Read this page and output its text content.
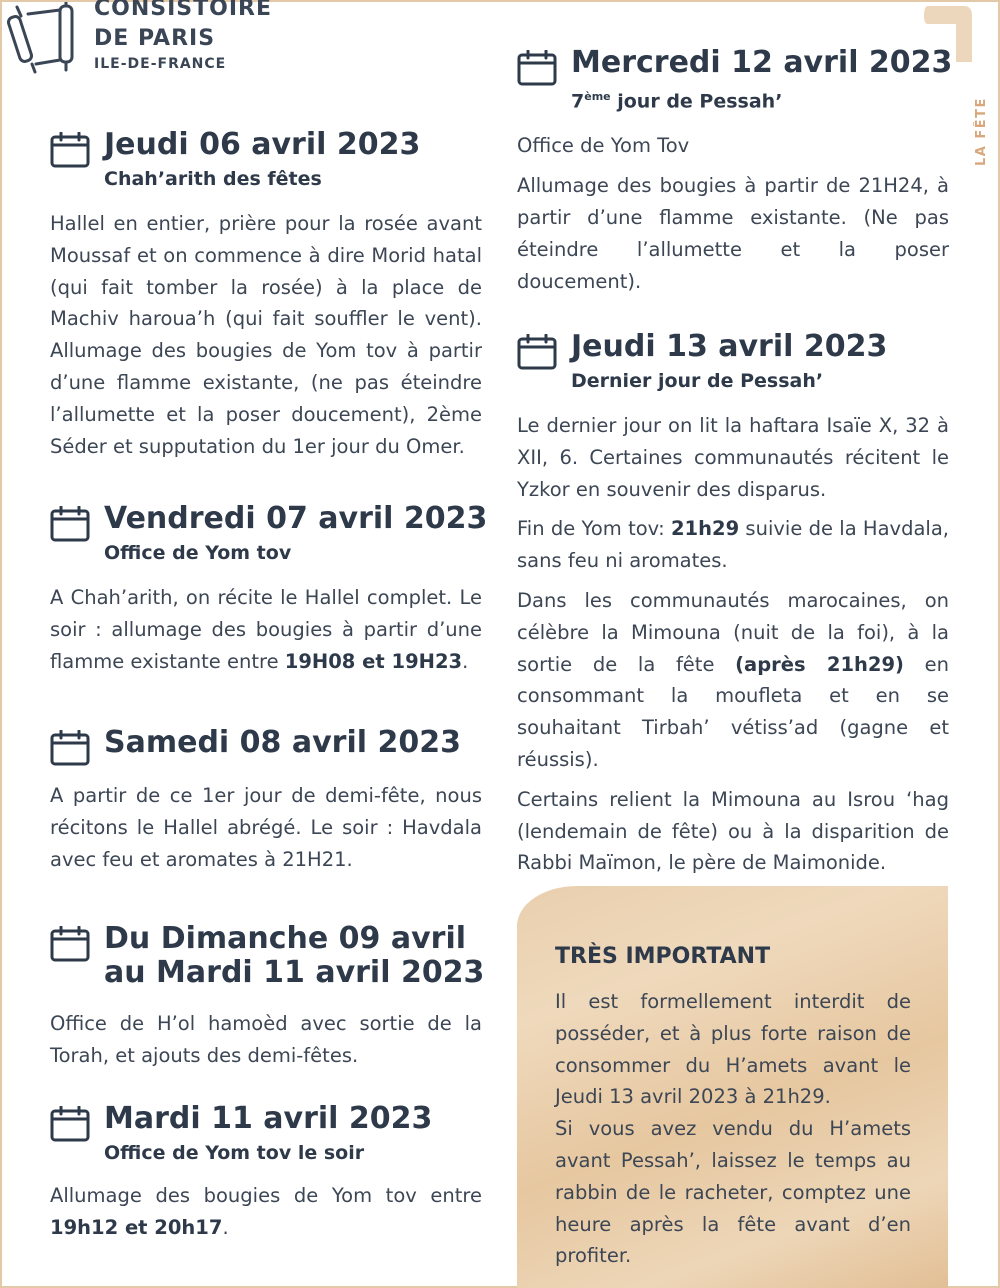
CONSISTOIRE
DE PARIS
ILE-DE-FRANCE
LA FÊTE
Jeudi 06 avril 2023
Chah’arith des fêtes

Hallel en entier, prière pour la rosée avant Moussaf et on commence à dire Morid hatal (qui fait tomber la rosée) à la place de Machiv haroua’h (qui fait souffler le vent). Allumage des bougies de Yom tov à partir d’une flamme existante, (ne pas éteindre l’allumette et la poser doucement), 2ème Séder et supputation du 1er jour du Omer.

Vendredi 07 avril 2023
Office de Yom tov

A Chah’arith, on récite le Hallel complet. Le soir : allumage des bougies à partir d’une flamme existante entre 19H08 et 19H23.

Samedi 08 avril 2023

A partir de ce 1er jour de demi-fête, nous récitons le Hallel abrégé. Le soir : Havdala avec feu et aromates à 21H21.

Du Dimanche 09 avril
au Mardi 11 avril 2023

Office de H’ol hamoèd avec sortie de la Torah, et ajouts des demi-fêtes.

Mardi 11 avril 2023
Office de Yom tov le soir

Allumage des bougies de Yom tov entre 19h12 et 20h17.

Mercredi 12 avril 2023
7ème jour de Pessah’

Office de Yom Tov

Allumage des bougies à partir de 21H24, à partir d’une flamme existante. (Ne pas éteindre l’allumette et la poser doucement).

Jeudi 13 avril 2023
Dernier jour de Pessah’

Le dernier jour on lit la haftara Isaïe X, 32 à XII, 6. Certaines communautés récitent le Yzkor en souvenir des disparus.

Fin de Yom tov: 21h29 suivie de la Havdala, sans feu ni aromates.

Dans les communautés marocaines, on célèbre la Mimouna (nuit de la foi), à la sortie de la fête (après 21h29) en consommant la moufleta et en se souhaitant Tirbah’ vétiss’ad (gagne et réussis).

Certains relient la Mimouna au Isrou ‘hag (lendemain de fête) ou à la disparition de Rabbi Maïmon, le père de Maimonide.

TRÈS IMPORTANT

Il est formellement interdit de posséder, et à plus forte raison de consommer du H’amets avant le Jeudi 13 avril 2023 à 21h29.

Si vous avez vendu du H’amets avant Pessah’, laissez le temps au rabbin de le racheter, comptez une heure après la fête avant d’en profiter.
